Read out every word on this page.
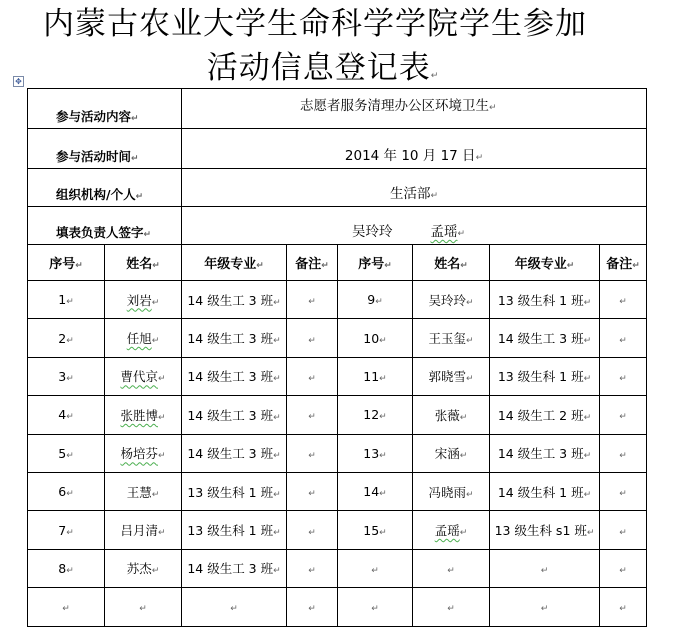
内蒙古农业大学生命科学学院学生参加
活动信息登记表↵
✥
参与活动内容↵		志愿者服务清理办公区环境卫生↵					
参与活动时间↵		2014 年 10 月 17 日↵					
组织机构/个人↵		生活部↵					
填表负责人签字↵		吴玲玲 孟瑶↵					
序号↵	姓名↵	年级专业↵	备注↵	序号↵	姓名↵	年级专业↵	备注↵
1↵	刘岩↵	14 级生工 3 班↵	↵	9↵	吴玲玲↵	13 级生科 1 班↵	↵
2↵	任旭↵	14 级生工 3 班↵	↵	10↵	王玉玺↵	14 级生工 3 班↵	↵
3↵	曹代京↵	14 级生工 3 班↵	↵	11↵	郭晓雪↵	13 级生科 1 班↵	↵
4↵	张胜博↵	14 级生工 3 班↵	↵	12↵	张薇↵	14 级生工 2 班↵	↵
5↵	杨培芬↵	14 级生工 3 班↵	↵	13↵	宋涵↵	14 级生工 3 班↵	↵
6↵	王慧↵	13 级生科 1 班↵	↵	14↵	冯晓雨↵	14 级生科 1 班↵	↵
7↵	吕月清↵	13 级生科 1 班↵	↵	15↵	孟瑶↵	13 级生科 s1 班↵	↵
8↵	苏杰↵	14 级生工 3 班↵	↵	↵	↵	↵	↵
↵	↵	↵	↵	↵	↵	↵	↵
